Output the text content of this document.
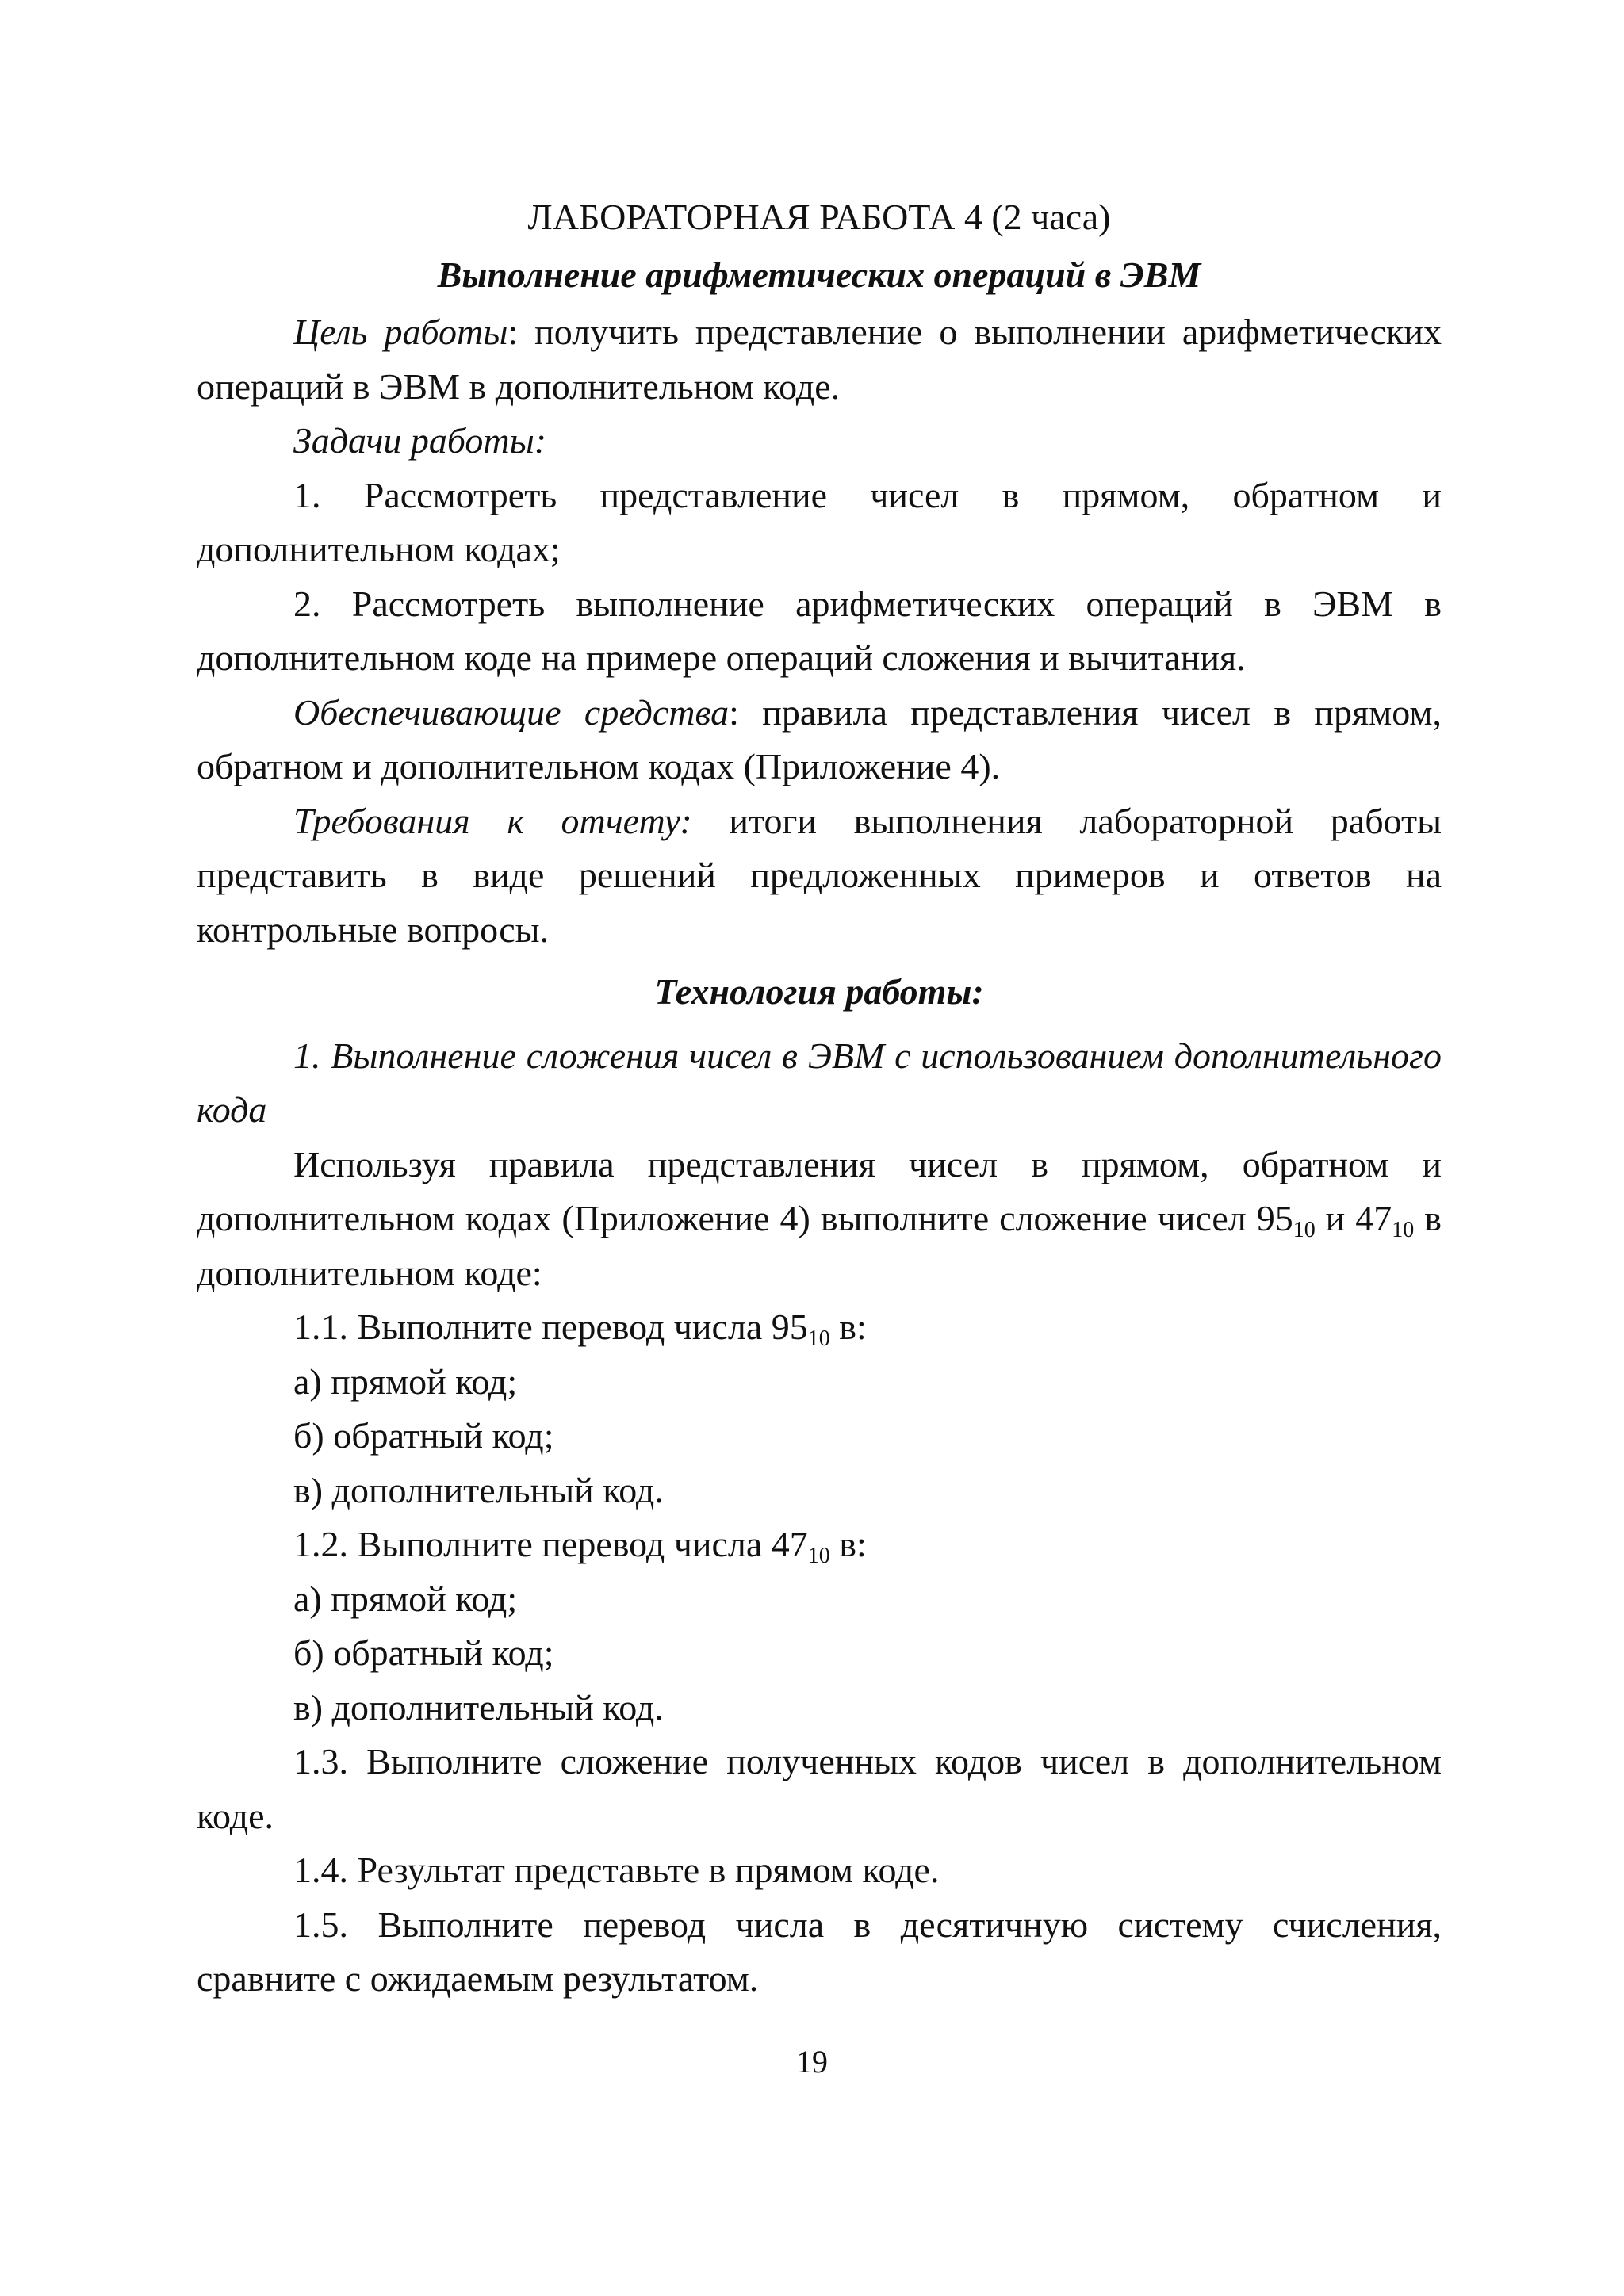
ЛАБОРАТОРНАЯ РАБОТА 4 (2 часа)

Выполнение арифметических операций в ЭВМ

Цель работы: получить представление о выполнении арифметических операций в ЭВМ в дополнительном коде.

Задачи работы:

1. Рассмотреть представление чисел в прямом, обратном и дополнительном кодах;

2. Рассмотреть выполнение арифметических операций в ЭВМ в дополнительном коде на примере операций сложения и вычитания.

Обеспечивающие средства: правила представления чисел в прямом, обратном и дополнительном кодах (Приложение 4).

Требования к отчету: итоги выполнения лабораторной работы представить в виде решений предложенных примеров и ответов на контрольные вопросы.

Технология работы:

1. Выполнение сложения чисел в ЭВМ с использованием дополнительного кода

Используя правила представления чисел в прямом, обратном и дополнительном кодах (Приложение 4) выполните сложение чисел $95_{10}$ и $47_{10}$ в дополнительном коде:

1.1. Выполните перевод числа $95_{10}$ в:

а) прямой код;

б) обратный код;

в) дополнительный код.

1.2. Выполните перевод числа $47_{10}$ в:

а) прямой код;

б) обратный код;

в) дополнительный код.

1.3. Выполните сложение полученных кодов чисел в дополнительном коде.

1.4. Результат представьте в прямом коде.

1.5. Выполните перевод числа в десятичную систему счисления, сравните с ожидаемым результатом.

19
